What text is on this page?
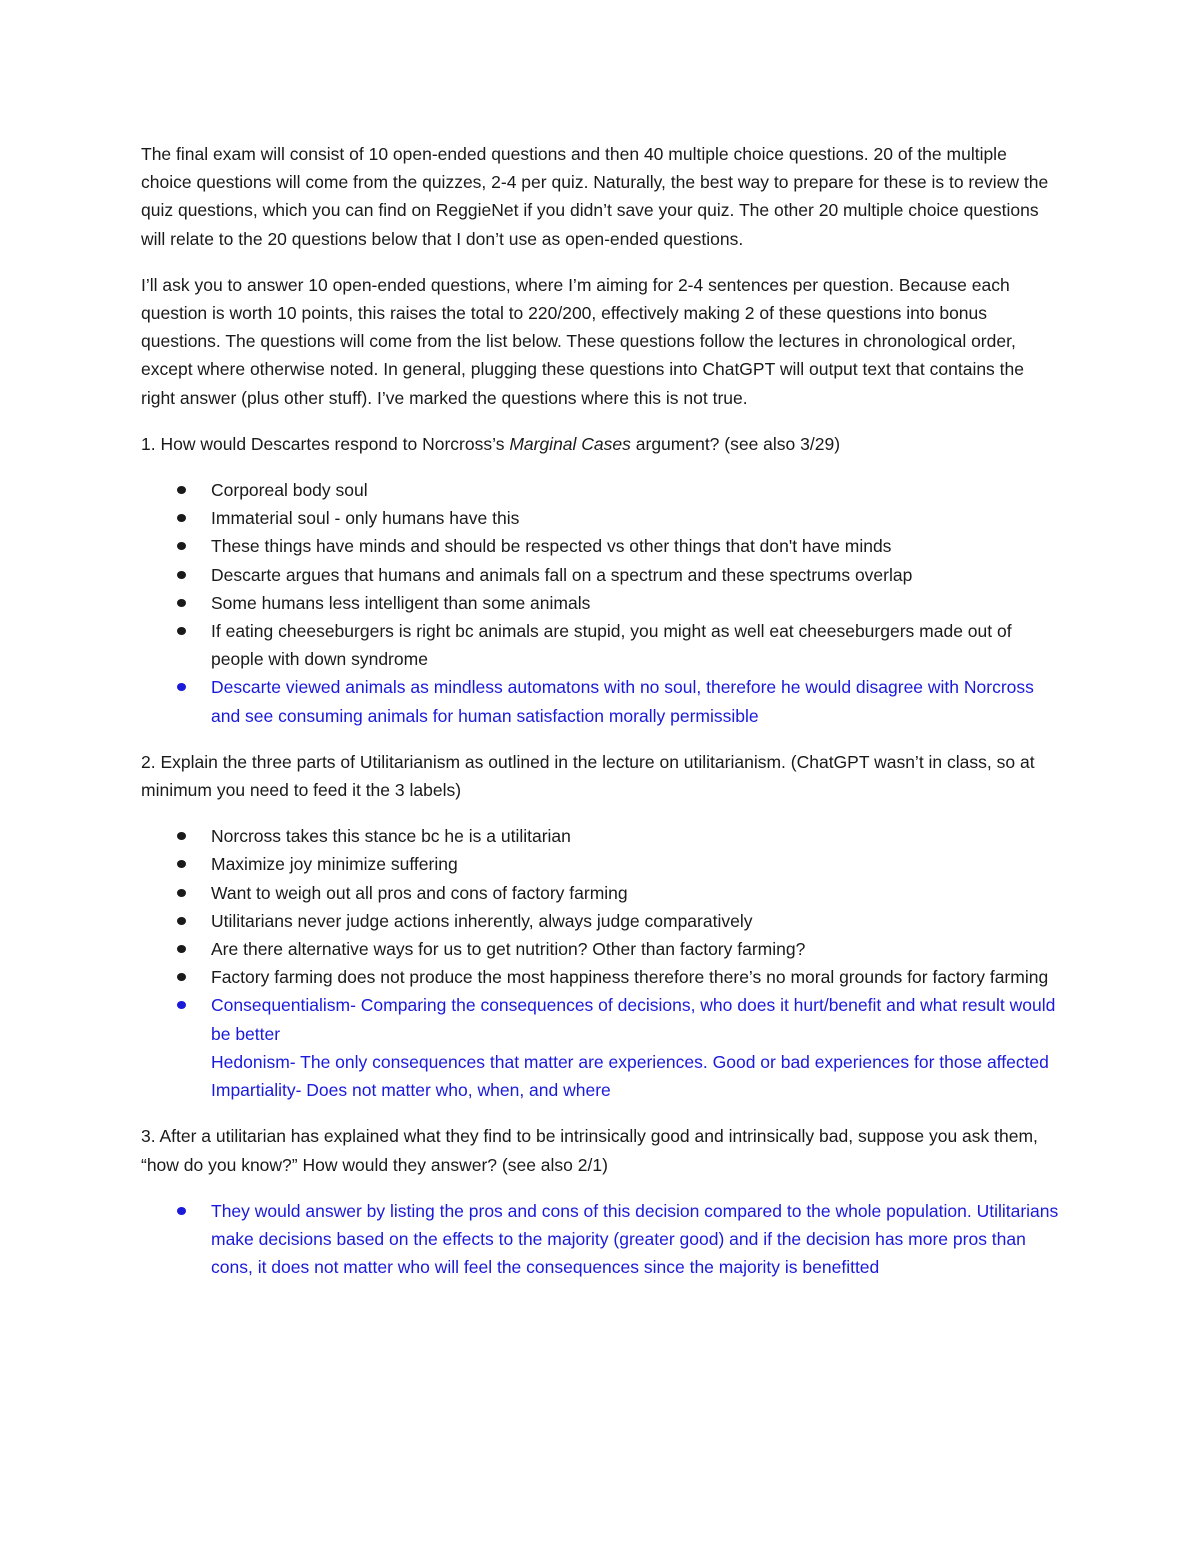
The final exam will consist of 10 open-ended questions and then 40 multiple choice questions. 20 of the multiple choice questions will come from the quizzes, 2-4 per quiz. Naturally, the best way to prepare for these is to review the quiz questions, which you can find on ReggieNet if you didn’t save your quiz. The other 20 multiple choice questions will relate to the 20 questions below that I don’t use as open-ended questions.

I’ll ask you to answer 10 open-ended questions, where I’m aiming for 2-4 sentences per question. Because each question is worth 10 points, this raises the total to 220/200, effectively making 2 of these questions into bonus questions. The questions will come from the list below. These questions follow the lectures in chronological order, except where otherwise noted. In general, plugging these questions into ChatGPT will output text that contains the right answer (plus other stuff). I’ve marked the questions where this is not true.

1. How would Descartes respond to Norcross’s Marginal Cases argument? (see also 3/29)

Corporeal body soul
Immaterial soul - only humans have this
These things have minds and should be respected vs other things that don't have minds
Descarte argues that humans and animals fall on a spectrum and these spectrums overlap
Some humans less intelligent than some animals
If eating cheeseburgers is right bc animals are stupid, you might as well eat cheeseburgers made out of people with down syndrome
Descarte viewed animals as mindless automatons with no soul, therefore he would disagree with Norcross and see consuming animals for human satisfaction morally permissible

2. Explain the three parts of Utilitarianism as outlined in the lecture on utilitarianism. (ChatGPT wasn’t in class, so at minimum you need to feed it the 3 labels)

Norcross takes this stance bc he is a utilitarian
Maximize joy minimize suffering
Want to weigh out all pros and cons of factory farming
Utilitarians never judge actions inherently, always judge comparatively
Are there alternative ways for us to get nutrition? Other than factory farming?
Factory farming does not produce the most happiness therefore there’s no moral grounds for factory farming
Consequentialism- Comparing the consequences of decisions, who does it hurt/benefit and what result would be better
Hedonism- The only consequences that matter are experiences. Good or bad experiences for those affected
Impartiality- Does not matter who, when, and where

3. After a utilitarian has explained what they find to be intrinsically good and intrinsically bad, suppose you ask them, “how do you know?” How would they answer? (see also 2/1)

They would answer by listing the pros and cons of this decision compared to the whole population. Utilitarians make decisions based on the effects to the majority (greater good) and if the decision has more pros than cons, it does not matter who will feel the consequences since the majority is benefitted
